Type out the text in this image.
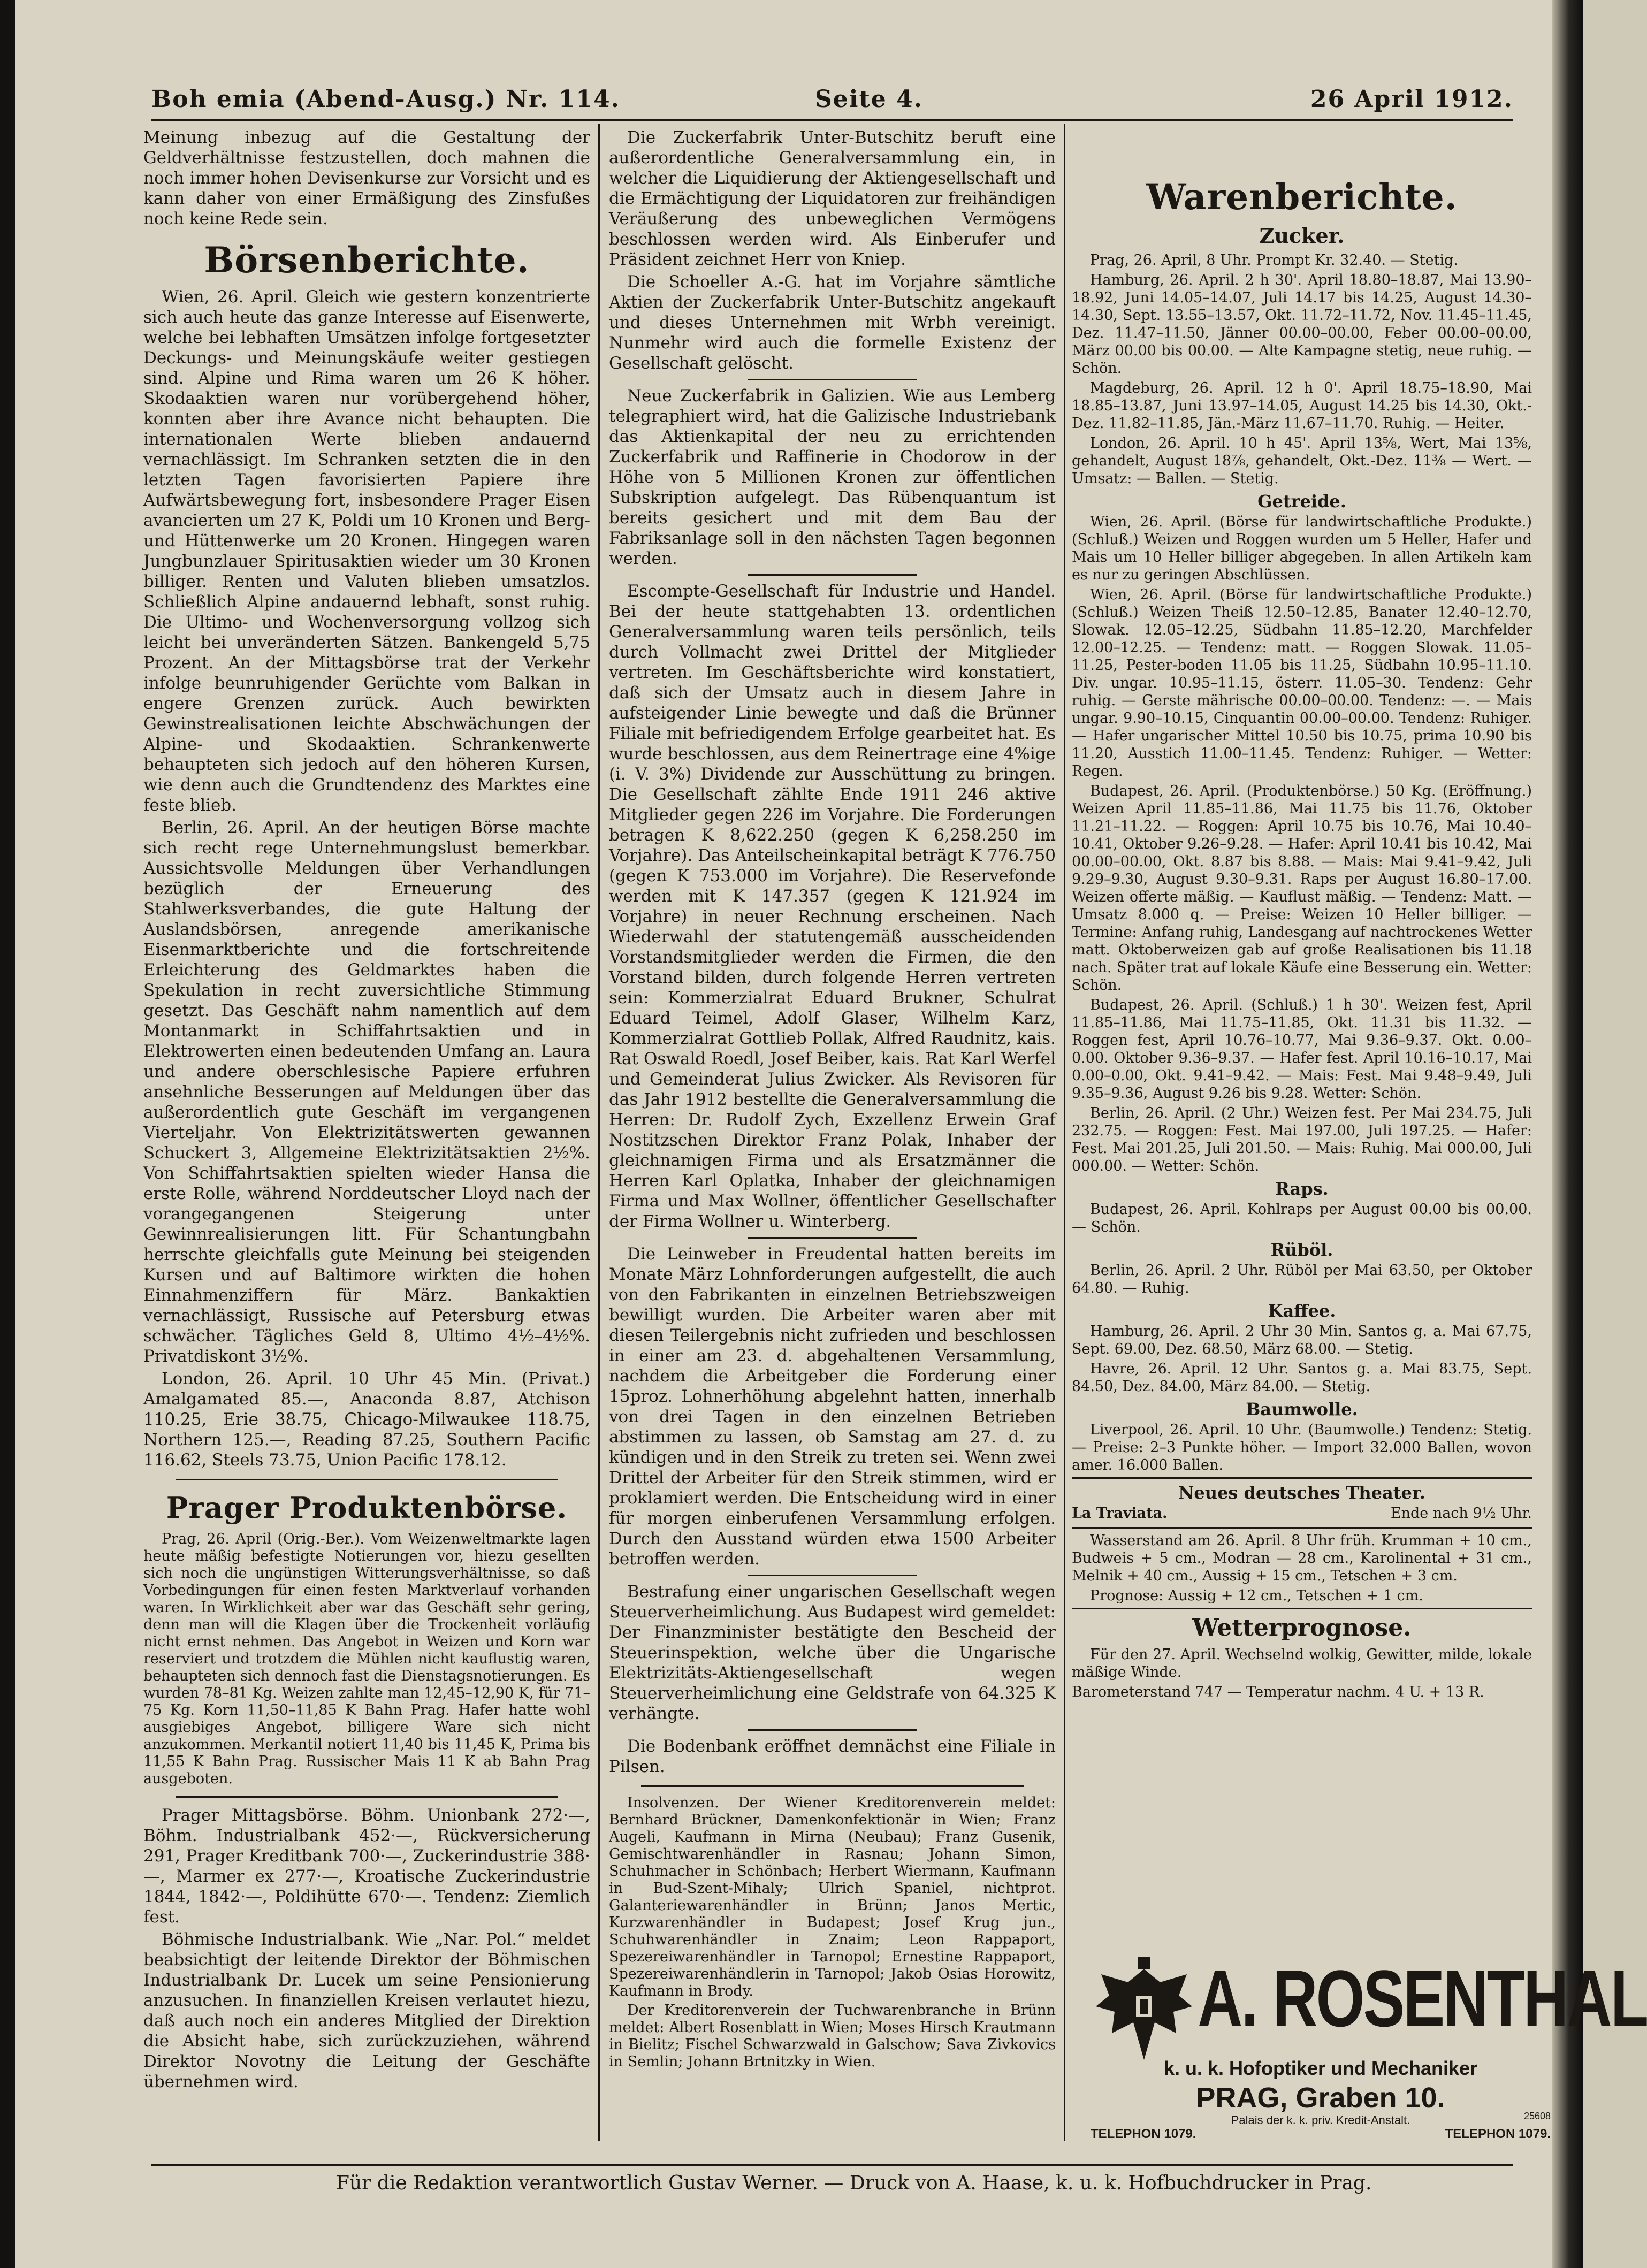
Boh emia (Abend-Ausg.) Nr. 114.	Seite 4.	26 April 1912.

Meinung inbezug auf die Gestaltung der Geldverhältnisse festzustellen, doch mahnen die noch immer hohen Devisenkurse zur Vorsicht und es kann daher von einer Ermäßigung des Zinsfußes noch keine Rede sein.

Börsenberichte.

Wien, 26. April. Gleich wie gestern konzentrierte sich auch heute das ganze Interesse auf Eisenwerte, welche bei lebhaften Umsätzen infolge fortgesetzter Deckungs- und Meinungskäufe weiter gestiegen sind. Alpine und Rima waren um 26 K höher. Skodaaktien waren nur vorübergehend höher, konnten aber ihre Avance nicht behaupten. Die internationalen Werte blieben andauernd vernachlässigt. Im Schranken setzten die in den letzten Tagen favorisierten Papiere ihre Aufwärtsbewegung fort, insbesondere Prager Eisen avancierten um 27 K, Poldi um 10 Kronen und Berg- und Hüttenwerke um 20 Kronen. Hingegen waren Jungbunzlauer Spiritusaktien wieder um 30 Kronen billiger. Renten und Valuten blieben umsatzlos. Schließlich Alpine andauernd lebhaft, sonst ruhig. Die Ultimo- und Wochenversorgung vollzog sich leicht bei unveränderten Sätzen. Bankengeld 5,75 Prozent. An der Mittagsbörse trat der Verkehr infolge beunruhigender Gerüchte vom Balkan in engere Grenzen zurück. Auch bewirkten Gewinstrealisationen leichte Abschwächungen der Alpine- und Skodaaktien. Schrankenwerte behaupteten sich jedoch auf den höheren Kursen, wie denn auch die Grundtendenz des Marktes eine feste blieb.

Berlin, 26. April. An der heutigen Börse machte sich recht rege Unternehmungslust bemerkbar. Aussichtsvolle Meldungen über Verhandlungen bezüglich der Erneuerung des Stahlwerksverbandes, die gute Haltung der Auslandsbörsen, anregende amerikanische Eisenmarktberichte und die fortschreitende Erleichterung des Geldmarktes haben die Spekulation in recht zuversichtliche Stimmung gesetzt. Das Geschäft nahm namentlich auf dem Montanmarkt in Schiffahrtsaktien und in Elektrowerten einen bedeutenden Umfang an. Laura und andere oberschlesische Papiere erfuhren ansehnliche Besserungen auf Meldungen über das außerordentlich gute Geschäft im vergangenen Vierteljahr. Von Elektrizitätswerten gewannen Schuckert 3, Allgemeine Elektrizitätsaktien 2½%. Von Schiffahrtsaktien spielten wieder Hansa die erste Rolle, während Norddeutscher Lloyd nach der vorangegangenen Steigerung unter Gewinnrealisierungen litt. Für Schantungbahn herrschte gleichfalls gute Meinung bei steigenden Kursen und auf Baltimore wirkten die hohen Einnahmenziffern für März. Bankaktien vernachlässigt, Russische auf Petersburg etwas schwächer. Tägliches Geld 8, Ultimo 4½–4½%. Privatdiskont 3½%.

London, 26. April. 10 Uhr 45 Min. (Privat.) Amalgamated 85.—, Anaconda 8.87, Atchison 110.25, Erie 38.75, Chicago-Milwaukee 118.75, Northern 125.—, Reading 87.25, Southern Pacific 116.62, Steels 73.75, Union Pacific 178.12.

Prager Produktenbörse.

Prag, 26. April (Orig.-Ber.). Vom Weizenweltmarkte lagen heute mäßig befestigte Notierungen vor, hiezu gesellten sich noch die ungünstigen Witterungsverhältnisse, so daß Vorbedingungen für einen festen Marktverlauf vorhanden waren. In Wirklichkeit aber war das Geschäft sehr gering, denn man will die Klagen über die Trockenheit vorläufig nicht ernst nehmen. Das Angebot in Weizen und Korn war reserviert und trotzdem die Mühlen nicht kauflustig waren, behaupteten sich dennoch fast die Dienstagsnotierungen. Es wurden 78–81 Kg. Weizen zahlte man 12,45–12,90 K, für 71–75 Kg. Korn 11,50–11,85 K Bahn Prag. Hafer hatte wohl ausgiebiges Angebot, billigere Ware sich nicht anzukommen. Merkantil notiert 11,40 bis 11,45 K, Prima bis 11,55 K Bahn Prag. Russischer Mais 11 K ab Bahn Prag ausgeboten.

Prager Mittagsbörse. Böhm. Unionbank 272·—, Böhm. Industrialbank 452·—, Rückversicherung 291, Prager Kreditbank 700·—, Zuckerindustrie 388·—, Marmer ex 277·—, Kroatische Zuckerindustrie 1844, 1842·—, Poldihütte 670·—. Tendenz: Ziemlich fest.

Böhmische Industrialbank. Wie „Nar. Pol.“ meldet beabsichtigt der leitende Direktor der Böhmischen Industrialbank Dr. Lucek um seine Pensionierung anzusuchen. In finanziellen Kreisen verlautet hiezu, daß auch noch ein anderes Mitglied der Direktion die Absicht habe, sich zurückzuziehen, während Direktor Novotny die Leitung der Geschäfte übernehmen wird.

Die Zuckerfabrik Unter-Butschitz beruft eine außerordentliche Generalversammlung ein, in welcher die Liquidierung der Aktiengesellschaft und die Ermächtigung der Liquidatoren zur freihändigen Veräußerung des unbeweglichen Vermögens beschlossen werden wird. Als Einberufer und Präsident zeichnet Herr von Kniep.

Die Schoeller A.-G. hat im Vorjahre sämtliche Aktien der Zuckerfabrik Unter-Butschitz angekauft und dieses Unternehmen mit Wrbh vereinigt. Nunmehr wird auch die formelle Existenz der Gesellschaft gelöscht.

Neue Zuckerfabrik in Galizien. Wie aus Lemberg telegraphiert wird, hat die Galizische Industriebank das Aktienkapital der neu zu errichtenden Zuckerfabrik und Raffinerie in Chodorow in der Höhe von 5 Millionen Kronen zur öffentlichen Subskription aufgelegt. Das Rübenquantum ist bereits gesichert und mit dem Bau der Fabriksanlage soll in den nächsten Tagen begonnen werden.

Escompte-Gesellschaft für Industrie und Handel. Bei der heute stattgehabten 13. ordentlichen Generalversammlung waren teils persönlich, teils durch Vollmacht zwei Drittel der Mitglieder vertreten. Im Geschäftsberichte wird konstatiert, daß sich der Umsatz auch in diesem Jahre in aufsteigender Linie bewegte und daß die Brünner Filiale mit befriedigendem Erfolge gearbeitet hat. Es wurde beschlossen, aus dem Reinertrage eine 4%ige (i. V. 3%) Dividende zur Ausschüttung zu bringen. Die Gesellschaft zählte Ende 1911 246 aktive Mitglieder gegen 226 im Vorjahre. Die Forderungen betragen K 8,622.250 (gegen K 6,258.250 im Vorjahre). Das Anteilscheinkapital beträgt K 776.750 (gegen K 753.000 im Vorjahre). Die Reservefonde werden mit K 147.357 (gegen K 121.924 im Vorjahre) in neuer Rechnung erscheinen. Nach Wiederwahl der statutengemäß ausscheidenden Vorstandsmitglieder werden die Firmen, die den Vorstand bilden, durch folgende Herren vertreten sein: Kommerzialrat Eduard Brukner, Schulrat Eduard Teimel, Adolf Glaser, Wilhelm Karz, Kommerzialrat Gottlieb Pollak, Alfred Raudnitz, kais. Rat Oswald Roedl, Josef Beiber, kais. Rat Karl Werfel und Gemeinderat Julius Zwicker. Als Revisoren für das Jahr 1912 bestellte die Generalversammlung die Herren: Dr. Rudolf Zych, Exzellenz Erwein Graf Nostitzschen Direktor Franz Polak, Inhaber der gleichnamigen Firma und als Ersatzmänner die Herren Karl Oplatka, Inhaber der gleichnamigen Firma und Max Wollner, öffentlicher Gesellschafter der Firma Wollner u. Winterberg.

Die Leinweber in Freudental hatten bereits im Monate März Lohnforderungen aufgestellt, die auch von den Fabrikanten in einzelnen Betriebszweigen bewilligt wurden. Die Arbeiter waren aber mit diesen Teilergebnis nicht zufrieden und beschlossen in einer am 23. d. abgehaltenen Versammlung, nachdem die Arbeitgeber die Forderung einer 15proz. Lohnerhöhung abgelehnt hatten, innerhalb von drei Tagen in den einzelnen Betrieben abstimmen zu lassen, ob Samstag am 27. d. zu kündigen und in den Streik zu treten sei. Wenn zwei Drittel der Arbeiter für den Streik stimmen, wird er proklamiert werden. Die Entscheidung wird in einer für morgen einberufenen Versammlung erfolgen. Durch den Ausstand würden etwa 1500 Arbeiter betroffen werden.

Bestrafung einer ungarischen Gesellschaft wegen Steuerverheimlichung. Aus Budapest wird gemeldet: Der Finanzminister bestätigte den Bescheid der Steuerinspektion, welche über die Ungarische Elektrizitäts-Aktiengesellschaft wegen Steuerverheimlichung eine Geldstrafe von 64.325 K verhängte.

Die Bodenbank eröffnet demnächst eine Filiale in Pilsen.

Insolvenzen. Der Wiener Kreditorenverein meldet: Bernhard Brückner, Damenkonfektionär in Wien; Franz Augeli, Kaufmann in Mirna (Neubau); Franz Gusenik, Gemischtwarenhändler in Rasnau; Johann Simon, Schuhmacher in Schönbach; Herbert Wiermann, Kaufmann in Bud-Szent-Mihaly; Ulrich Spaniel, nichtprot. Galanteriewarenhändler in Brünn; Janos Mertic, Kurzwarenhändler in Budapest; Josef Krug jun., Schuhwarenhändler in Znaim; Leon Rappaport, Spezereiwarenhändler in Tarnopol; Ernestine Rappaport, Spezereiwarenhändlerin in Tarnopol; Jakob Osias Horowitz, Kaufmann in Brody.

Der Kreditorenverein der Tuchwarenbranche in Brünn meldet: Albert Rosenblatt in Wien; Moses Hirsch Krautmann in Bielitz; Fischel Schwarzwald in Galschow; Sava Zivkovics in Semlin; Johann Brtnitzky in Wien.

Warenberichte.
Zucker.

Prag, 26. April, 8 Uhr. Prompt Kr. 32.40. — Stetig.

Hamburg, 26. April. 2 h 30'. April 18.80–18.87, Mai 13.90–18.92, Juni 14.05–14.07, Juli 14.17 bis 14.25, August 14.30–14.30, Sept. 13.55–13.57, Okt. 11.72–11.72, Nov. 11.45–11.45, Dez. 11.47–11.50, Jänner 00.00–00.00, Feber 00.00–00.00, März 00.00 bis 00.00. — Alte Kampagne stetig, neue ruhig. — Schön.

Magdeburg, 26. April. 12 h 0'. April 18.75–18.90, Mai 18.85–13.87, Juni 13.97–14.05, August 14.25 bis 14.30, Okt.-Dez. 11.82–11.85, Jän.-März 11.67–11.70. Ruhig. — Heiter.

London, 26. April. 10 h 45'. April 13⅝, Wert, Mai 13⅝, gehandelt, August 18⅞, gehandelt, Okt.-Dez. 11⅜ — Wert. — Umsatz: — Ballen. — Stetig.

Getreide.

Wien, 26. April. (Börse für landwirtschaftliche Produkte.) (Schluß.) Weizen und Roggen wurden um 5 Heller, Hafer und Mais um 10 Heller billiger abgegeben. In allen Artikeln kam es nur zu geringen Abschlüssen.

Wien, 26. April. (Börse für landwirtschaftliche Produkte.) (Schluß.) Weizen Theiß 12.50–12.85, Banater 12.40–12.70, Slowak. 12.05–12.25, Südbahn 11.85–12.20, Marchfelder 12.00–12.25. — Tendenz: matt. — Roggen Slowak. 11.05–11.25, Pester-boden 11.05 bis 11.25, Südbahn 10.95–11.10. Div. ungar. 10.95–11.15, österr. 11.05–30. Tendenz: Gehr ruhig. — Gerste mährische 00.00–00.00. Tendenz: —. — Mais ungar. 9.90–10.15, Cinquantin 00.00–00.00. Tendenz: Ruhiger. — Hafer ungarischer Mittel 10.50 bis 10.75, prima 10.90 bis 11.20, Ausstich 11.00–11.45. Tendenz: Ruhiger. — Wetter: Regen.

Budapest, 26. April. (Produktenbörse.) 50 Kg. (Eröffnung.) Weizen April 11.85–11.86, Mai 11.75 bis 11.76, Oktober 11.21–11.22. — Roggen: April 10.75 bis 10.76, Mai 10.40–10.41, Oktober 9.26–9.28. — Hafer: April 10.41 bis 10.42, Mai 00.00–00.00, Okt. 8.87 bis 8.88. — Mais: Mai 9.41–9.42, Juli 9.29–9.30, August 9.30–9.31. Raps per August 16.80–17.00. Weizen offerte mäßig. — Kauflust mäßig. — Tendenz: Matt. — Umsatz 8.000 q. — Preise: Weizen 10 Heller billiger. — Termine: Anfang ruhig, Landesgang auf nachtrockenes Wetter matt. Oktoberweizen gab auf große Realisationen bis 11.18 nach. Später trat auf lokale Käufe eine Besserung ein. Wetter: Schön.

Budapest, 26. April. (Schluß.) 1 h 30'. Weizen fest, April 11.85–11.86, Mai 11.75–11.85, Okt. 11.31 bis 11.32. — Roggen fest, April 10.76–10.77, Mai 9.36–9.37. Okt. 0.00–0.00. Oktober 9.36–9.37. — Hafer fest. April 10.16–10.17, Mai 0.00–0.00, Okt. 9.41–9.42. — Mais: Fest. Mai 9.48–9.49, Juli 9.35–9.36, August 9.26 bis 9.28. Wetter: Schön.

Berlin, 26. April. (2 Uhr.) Weizen fest. Per Mai 234.75, Juli 232.75. — Roggen: Fest. Mai 197.00, Juli 197.25. — Hafer: Fest. Mai 201.25, Juli 201.50. — Mais: Ruhig. Mai 000.00, Juli 000.00. — Wetter: Schön.

Raps.

Budapest, 26. April. Kohlraps per August 00.00 bis 00.00. — Schön.

Rüböl.

Berlin, 26. April. 2 Uhr. Rüböl per Mai 63.50, per Oktober 64.80. — Ruhig.

Kaffee.

Hamburg, 26. April. 2 Uhr 30 Min. Santos g. a. Mai 67.75, Sept. 69.00, Dez. 68.50, März 68.00. — Stetig.

Havre, 26. April. 12 Uhr. Santos g. a. Mai 83.75, Sept. 84.50, Dez. 84.00, März 84.00. — Stetig.

Baumwolle.

Liverpool, 26. April. 10 Uhr. (Baumwolle.) Tendenz: Stetig. — Preise: 2–3 Punkte höher. — Import 32.000 Ballen, wovon amer. 16.000 Ballen.

Neues deutsches Theater.
La Traviata.	Ende nach 9½ Uhr.

Wasserstand am 26. April. 8 Uhr früh. Krumman + 10 cm., Budweis + 5 cm., Modran — 28 cm., Karolinental + 31 cm., Melnik + 40 cm., Aussig + 15 cm., Tetschen + 3 cm.

Prognose: Aussig + 12 cm., Tetschen + 1 cm.

Wetterprognose.

Für den 27. April. Wechselnd wolkig, Gewitter, milde, lokale mäßige Winde.

Barometerstand 747 — Temperatur nachm. 4 U. + 13 R.

A. ROSENTHAL
k. u. k. Hofoptiker und Mechaniker
PRAG, Graben 10.
Palais der k. k. priv. Kredit-Anstalt.
TELEPHON 1079.	TELEPHON 1079.
25608
Für die Redaktion verantwortlich Gustav Werner. — Druck von A. Haase, k. u. k. Hofbuchdrucker in Prag.
